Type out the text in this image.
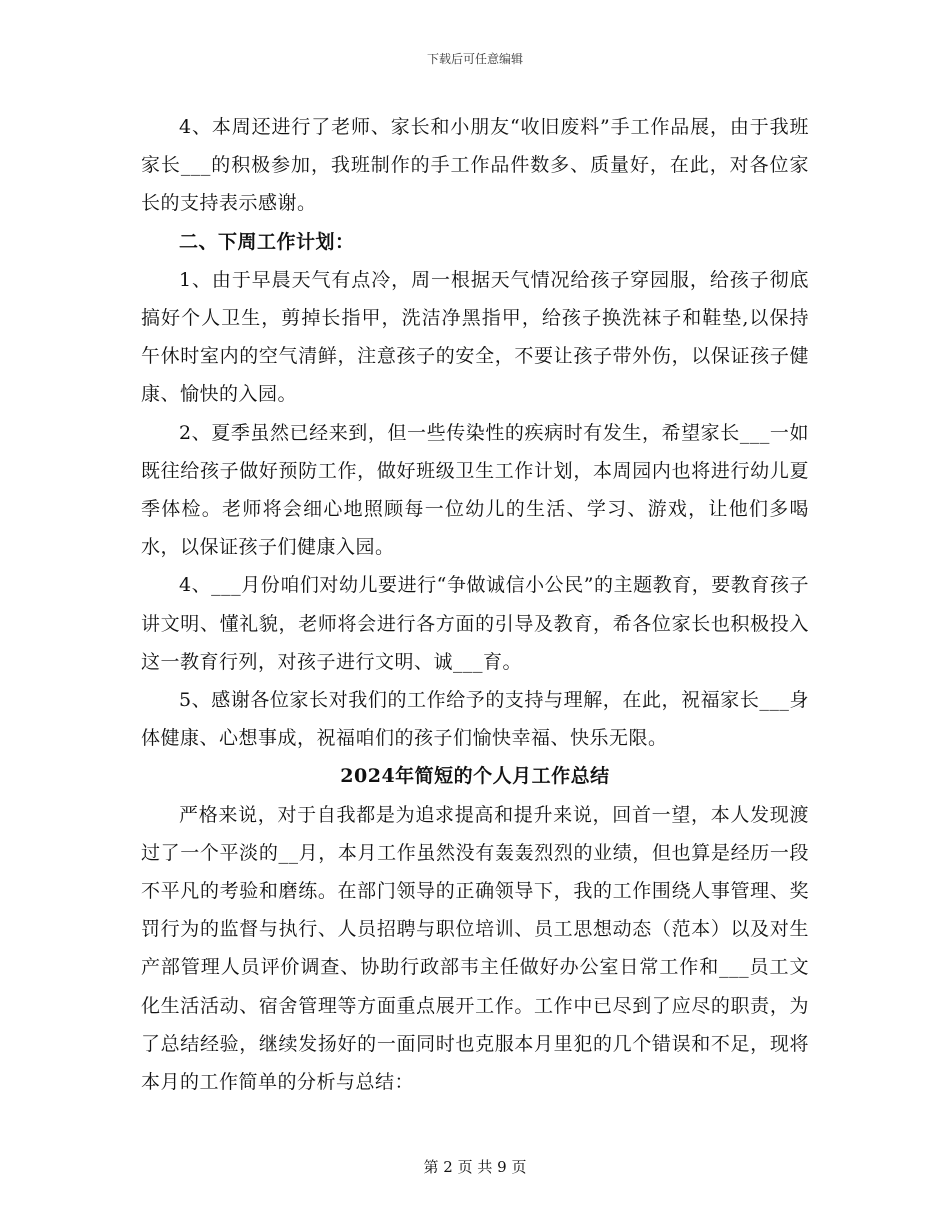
下载后可任意编辑

4、本周还进行了老师、家长和小朋友“收旧废料”手工作品展，由于我班家长___的积极参加，我班制作的手工作品件数多、质量好，在此，对各位家长的支持表示感谢。

二、下周工作计划：

1、由于早晨天气有点冷，周一根据天气情况给孩子穿园服，给孩子彻底搞好个人卫生，剪掉长指甲，洗洁净黑指甲，给孩子换洗袜子和鞋垫,以保持午休时室内的空气清鲜，注意孩子的安全，不要让孩子带外伤，以保证孩子健康、愉快的入园。

2、夏季虽然已经来到，但一些传染性的疾病时有发生，希望家长___一如既往给孩子做好预防工作，做好班级卫生工作计划，本周园内也将进行幼儿夏季体检。老师将会细心地照顾每一位幼儿的生活、学习、游戏，让他们多喝水，以保证孩子们健康入园。

4、___月份咱们对幼儿要进行“争做诚信小公民”的主题教育，要教育孩子讲文明、懂礼貌，老师将会进行各方面的引导及教育，希各位家长也积极投入这一教育行列，对孩子进行文明、诚___育。

5、感谢各位家长对我们的工作给予的支持与理解，在此，祝福家长___身体健康、心想事成，祝福咱们的孩子们愉快幸福、快乐无限。

2024年简短的个人月工作总结

严格来说，对于自我都是为追求提高和提升来说，回首一望，本人发现渡过了一个平淡的__月，本月工作虽然没有轰轰烈烈的业绩，但也算是经历一段不平凡的考验和磨练。在部门领导的正确领导下，我的工作围绕人事管理、奖罚行为的监督与执行、人员招聘与职位培训、员工思想动态（范本）以及对生产部管理人员评价调查、协助行政部韦主任做好办公室日常工作和___员工文化生活活动、宿舍管理等方面重点展开工作。工作中已尽到了应尽的职责，为了总结经验，继续发扬好的一面同时也克服本月里犯的几个错误和不足，现将本月的工作简单的分析与总结：

第 2 页 共 9 页
